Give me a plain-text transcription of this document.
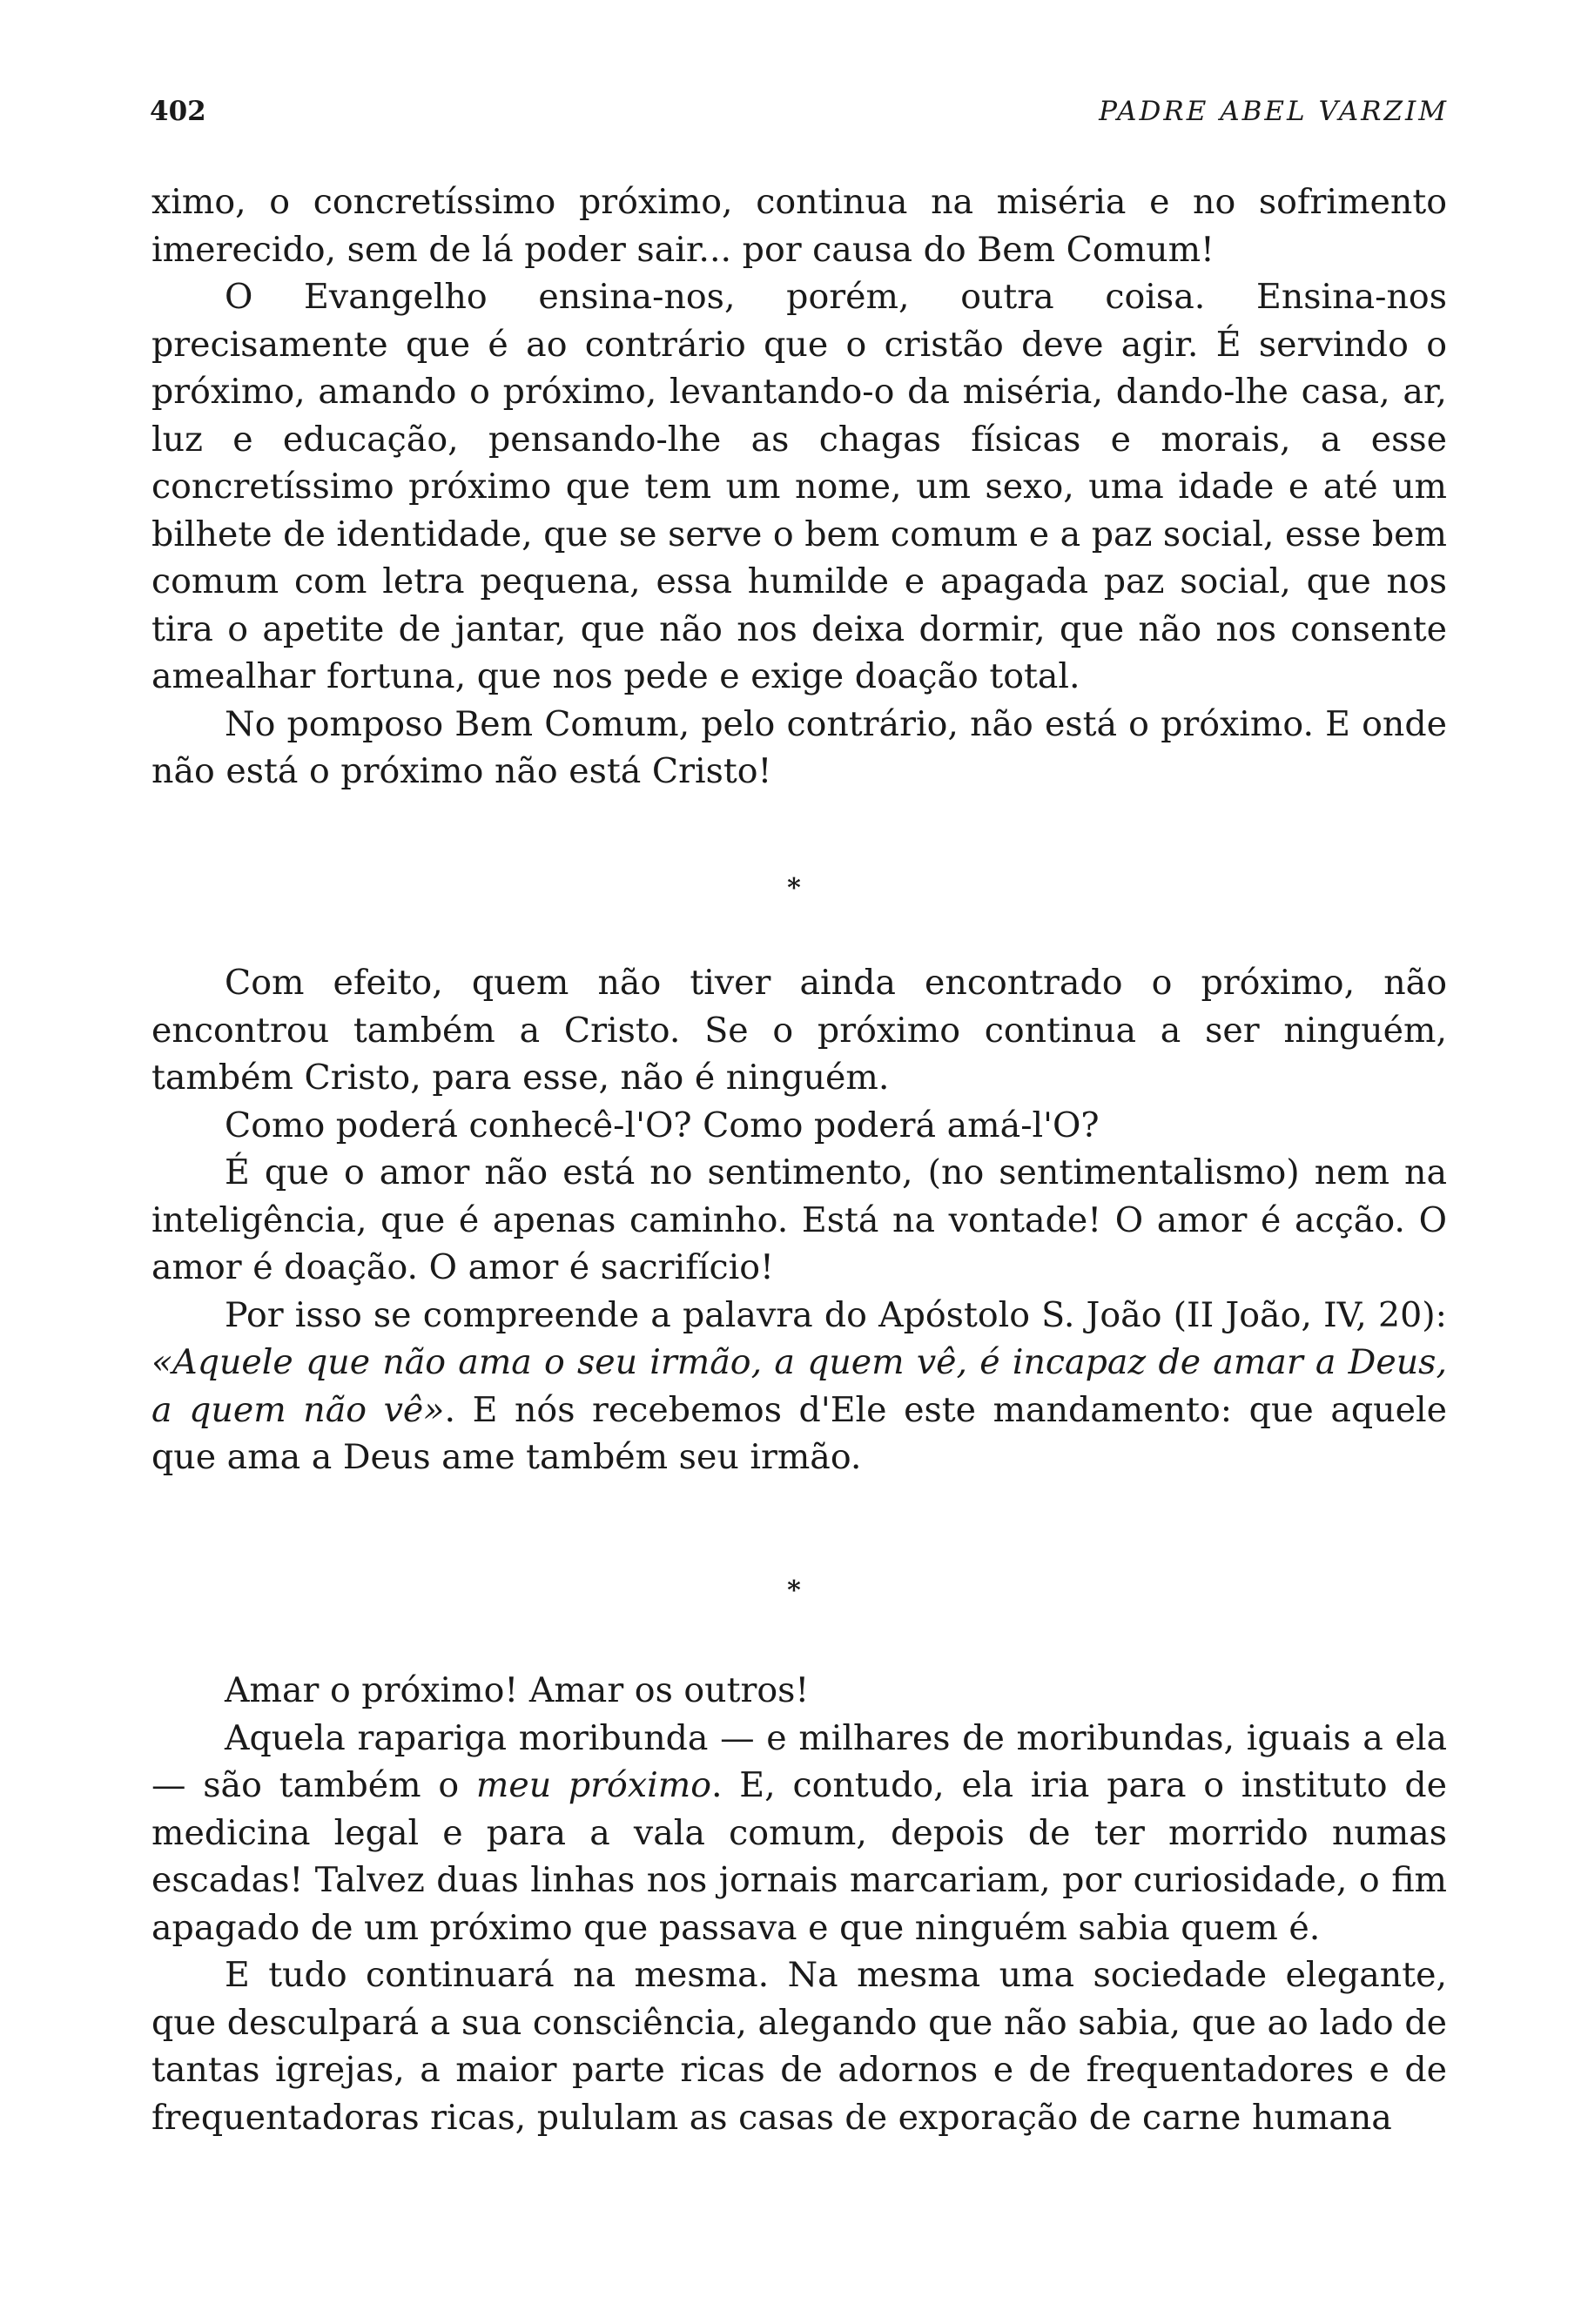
402	PADRE ABEL VARZIM

ximo, o concretíssimo próximo, continua na miséria e no sofrimento imerecido, sem de lá poder sair... por causa do Bem Comum!

O Evangelho ensina-nos, porém, outra coisa. Ensina-nos precisamente que é ao contrário que o cristão deve agir. É servindo o próximo, amando o próximo, levantando-o da miséria, dando-lhe casa, ar, luz e educação, pensando-lhe as chagas físicas e morais, a esse concretíssimo próximo que tem um nome, um sexo, uma idade e até um bilhete de identidade, que se serve o bem comum e a paz social, esse bem comum com letra pequena, essa humilde e apagada paz social, que nos tira o apetite de jantar, que não nos deixa dormir, que não nos consente amealhar fortuna, que nos pede e exige doação total.

No pomposo Bem Comum, pelo contrário, não está o próximo. E onde não está o próximo não está Cristo!

*

Com efeito, quem não tiver ainda encontrado o próximo, não encontrou também a Cristo. Se o próximo continua a ser ninguém, também Cristo, para esse, não é ninguém.

Como poderá conhecê-l'O? Como poderá amá-l'O?

É que o amor não está no sentimento, (no sentimentalismo) nem na inteligência, que é apenas caminho. Está na vontade! O amor é acção. O amor é doação. O amor é sacrifício!

Por isso se compreende a palavra do Apóstolo S. João (II João, IV, 20): «Aquele que não ama o seu irmão, a quem vê, é incapaz de amar a Deus, a quem não vê». E nós recebemos d'Ele este mandamento: que aquele que ama a Deus ame também seu irmão.

*

Amar o próximo! Amar os outros!

Aquela rapariga moribunda — e milhares de moribundas, iguais a ela — são também o meu próximo. E, contudo, ela iria para o instituto de medicina legal e para a vala comum, depois de ter morrido numas escadas! Talvez duas linhas nos jornais marcariam, por curiosidade, o fim apagado de um próximo que passava e que ninguém sabia quem é.

E tudo continuará na mesma. Na mesma uma sociedade elegante, que desculpará a sua consciência, alegando que não sabia, que ao lado de tantas igrejas, a maior parte ricas de adornos e de frequentadores e de frequentadoras ricas, pululam as casas de exporação de carne humana
